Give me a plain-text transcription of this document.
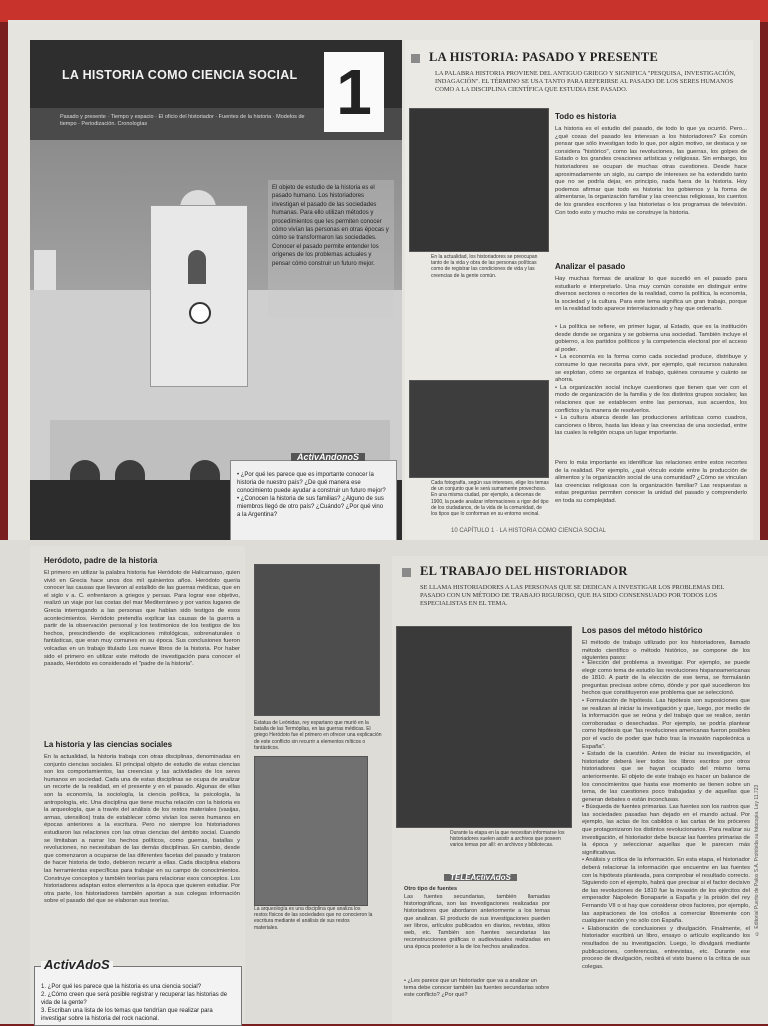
LA HISTORIA COMO CIENCIA SOCIAL 1
Pasado y presente · Tiempo y espacio · El oficio del historiador · Fuentes de la historia · Modelos de tiempo · Periodización. Cronologías
El objeto de estudio de la historia es el pasado humano. Los historiadores investigan el pasado de las sociedades humanas. Para ello utilizan métodos y procedimientos que les permiten conocer cómo vivían las personas en otras épocas y cómo se transformaron las sociedades. Conocer el pasado permite entender los orígenes de los problemas actuales y pensar cómo construir un futuro mejor.
ActivAndonoS
• ¿Por qué les parece que es importante conocer la historia de nuestro país? ¿De qué manera ese conocimiento puede ayudar a construir un futuro mejor?
• ¿Conocen la historia de sus familias? ¿Alguno de sus miembros llegó de otro país? ¿Cuándo? ¿Por qué vino a la Argentina?
LA HISTORIA: PASADO Y PRESENTE
LA PALABRA HISTORIA PROVIENE DEL ANTIGUO GRIEGO Y SIGNIFICA "PESQUISA, INVESTIGACIÓN, INDAGACIÓN". EL TÉRMINO SE USA TANTO PARA REFERIRSE AL PASADO DE LOS SERES HUMANOS COMO A LA DISCIPLINA CIENTÍFICA QUE ESTUDIA ESE PASADO.
En la actualidad, los historiadores se preocupan tanto de la vida y obra de las personas políticas como de registrar las condiciones de vida y las creencias de la gente común.
Todo es historia
La historia es el estudio del pasado, de todo lo que ya ocurrió. Pero... ¿qué cosas del pasado les interesan a los historiadores? Es común pensar que sólo investigan todo lo que, por algún motivo, se destaca y se considera "histórico", como las revoluciones, las guerras, los golpes de Estado o los grandes creaciones artísticas y religiosas. Sin embargo, los historiadores se ocupan de muchas otras cuestiones. Desde hace aproximadamente un siglo, su campo de intereses se ha extendido tanto que no se podría dejar, en principio, nada fuera de la historia. Hoy podemos afirmar que todo es historia: los gobiernos y la forma de alimentarse, la organización familiar y las creencias religiosas, los cuentos de los grandes escritores y las historietas o los programas de televisión. Con todo esto y mucho más se construye la historia.
Analizar el pasado
Hay muchas formas de analizar lo que sucedió en el pasado para estudiarlo e interpretarlo. Una muy común consiste en distinguir entre diversos sectores o recortes de la realidad, como la política, la economía, la sociedad y la cultura. Para este tema significa un gran trabajo, porque en la realidad todo aparece interrelacionado y hay que ordenarlo.
• La política se refiere, en primer lugar, al Estado, que es la institución desde donde se organiza y se gobierna una sociedad. También incluye el gobierno, a los partidos políticos y la competencia electoral por el acceso al poder.
• La economía es la forma como cada sociedad produce, distribuye y consume lo que necesita para vivir, por ejemplo, qué recursos naturales se explotan, cómo se organiza el trabajo, quiénes consume y cuánto se ahorra.
• La organización social incluye cuestiones que tienen que ver con el modo de organización de la familia y de los distintos grupos sociales; las relaciones que se establecen entre las personas, sus acuerdos, los conflictos y la manera de resolverlos.
• La cultura abarca desde las producciones artísticas como cuadros, canciones o libros, hasta las ideas y las creencias de una sociedad, entre las cuales la religión ocupa un lugar importante.
Pero lo más importante es identificar las relaciones entre estos recortes de la realidad. Por ejemplo, ¿qué vínculo existe entre la producción de alimentos y la organización social de una comunidad? ¿Cómo se vinculan las creencias religiosas con la organización familiar? Las respuestas a estas preguntas permiten conocer la unidad del pasado y comprenderlo en toda su complejidad.
Cada fotografía, según sus intereses, elige los temas de un conjunto que le será sumamente provechoso. En una misma ciudad, por ejemplo, a decenas de 1900, la puede analizar informaciones a rigor del tipo de los ciudadanos, de la vida de la comunidad, de los tipos que lo conforman en su entorno vecinal.
10 CAPÍTULO 1 · LA HISTORIA COMO CIENCIA SOCIAL
Heródoto, padre de la historia
El primero en utilizar la palabra historia fue Heródoto de Halicarnaso, quien vivió en Grecia hace unos dos mil quinientos años. Heródoto quería conocer las causas que llevaron al estallido de las guerras médicas, que en el siglo v a. C. enfrentaron a griegos y persas. Para lograr ese objetivo, realizó un viaje por las costas del mar Mediterráneo y por varios lugares de Grecia interrogando a las personas que habían sido testigos de esos acontecimientos. Heródoto pretendía explicar las causas de la guerra a partir de la observación personal y los testimonios de los testigos de los hechos, prescindiendo de explicaciones mitológicas, sobrenaturales o fantásticas, que eran muy comunes en su época. Sus conclusiones fueron volcadas en un trabajo titulado Los nueve libros de la historia. Por haber sido el primero en utilizar este método de investigación para conocer el pasado, Heródoto es considerado el "padre de la historia".
La historia y las ciencias sociales
En la actualidad, la historia trabaja con otras disciplinas, denominadas en conjunto ciencias sociales. El principal objeto de estudio de estas ciencias son los comportamientos, las creencias y las actividades de los seres humanos en sociedad. Cada una de estas disciplinas se ocupa de analizar un recorte de la realidad, en el presente y en el pasado. Algunas de ellas son la economía, la sociología, la ciencia política, la psicología, la antropología, etc. Una disciplina que tiene mucha relación con la historia es la arqueología, que a través del análisis de los restos materiales (vasijas, armas, utensilios) trata de establecer cómo vivían los seres humanos en épocas anteriores a la escritura. Pero no siempre los historiadores estudiaron las relaciones con las otras ciencias del ámbito social. Cuando se limitaban a narrar los hechos políticos, como guerras, batallas y revoluciones, no necesitaban de las demás disciplinas. En cambio, desde que comenzaron a ocuparse de las diferentes facetas del pasado y trataron de hacer historia de todo, debieron recurrir a ellas. Cada disciplina elabora las herramientas específicas para trabajar en su campo de conocimientos. Construye conceptos y también teorías para relacionar esos conceptos. Los historiadores adaptan estos elementos a la época que quieren estudiar. Por otra parte, los historiadores también aportan a sus colegas información sobre el pasado del que se elaboran sus teorías.
ActivAdoS
1. ¿Por qué les parece que la historia es una ciencia social?
2. ¿Cómo creen que será posible registrar y recuperar las historias de vida de la gente?
3. Escriban una lista de los temas que tendrían que realizar para investigar sobre la historia del rock nacional.
Estatua de Leónidas, rey espartano que murió en la batalla de las Termópilas, en las guerras médicas. El griego Heródoto fue el primero en ofrecer una explicación de este conflicto sin recurrir a elementos míticos o fantásticos.
La arqueología es una disciplina que analiza los restos físicos de las sociedades que no conocieron la escritura mediante el análisis de sus restos materiales.
EL TRABAJO DEL HISTORIADOR
SE LLAMA HISTORIADORES A LAS PERSONAS QUE SE DEDICAN A INVESTIGAR LOS PROBLEMAS DEL PASADO CON UN MÉTODO DE TRABAJO RIGUROSO, QUE HA SIDO CONSENSUADO POR TODOS LOS ESPECIALISTAS EN EL TEMA.
Durante la etapa en la que necesitan informarse los historiadores suelen asistir a archivos que poseen varios temas por allí: en archivos y bibliotecas.
Los pasos del método histórico
El método de trabajo utilizado por los historiadores, llamado método científico o método histórico, se compone de los siguientes pasos:
• Elección del problema a investigar. Por ejemplo, se puede elegir como tema de estudio las revoluciones hispanoamericanas de 1810. A partir de la elección de ese tema, se formularán preguntas precisas sobre cómo, dónde y por qué sucedieron los hechos que constituyeron ese problema que se seleccionó.
• Formulación de hipótesis. Las hipótesis son suposiciones que se realizan al iniciar la investigación y que, luego, por medio de la información que se reúna y del trabajo que se realice, serán corroboradas o desechadas. Por ejemplo, se podría plantear como hipótesis que "las revoluciones americanas fueron posibles por el vacío de poder que hubo tras la invasión napoleónica a España".
• Estado de la cuestión. Antes de iniciar su investigación, el historiador deberá leer todos los libros escritos por otros historiadores que se hayan ocupado del mismo tema anteriormente. El objeto de este trabajo es hacer un balance de los conocimientos que hasta ese momento se tienen sobre un tema, de las cuestiones poco trabajadas y de aquellas que generan debates o están inconclusas.
• Búsqueda de fuentes primarias. Las fuentes son los rastros que las sociedades pasadas han dejado en el mundo actual. Por ejemplo, las actas de los cabildos o las cartas de los próceres que protagonizaron los distintos revolucionarios. Para realizar su investigación, el historiador debe buscar las fuentes primarias de la época y seleccionar aquellas que le parecen más significativas.
• Análisis y crítica de la información. En esta etapa, el historiador deberá relacionar la información que encuentre en las fuentes con la hipótesis planteada, para comprobar el resultado correcto. Siguiendo con el ejemplo, habrá que precisar si el factor decisivo de las revoluciones de 1810 fue la invasión de los ejércitos del emperador Napoleón Bonaparte a España y la prisión del rey Fernando VII o si hay que considerar otros factores, por ejemplo, las aspiraciones de los criollos a comerciar libremente con cualquier nación y no sólo con España.
• Elaboración de conclusiones y divulgación. Finalmente, el historiador escribirá un libro, ensayo o artículo explicando los resultados de su investigación. Luego, lo divulgará mediante publicaciones, conferencias, entrevistas, etc. Durante ese proceso de divulgación, recibirá el visto bueno o la crítica de sus colegas.
© Editorial Puerto de Palos S.A. Prohibida su fotocopia. Ley 11.723
TELEActivAdoS
Otro tipo de fuentes
Las fuentes secundarias, también llamadas historiográficas, son las investigaciones realizadas por historiadores que abordaron anteriormente a los temas que analizan. El producto de sus investigaciones pueden ser libros, artículos publicados en diarios, revistas, sitios web, etc. También son fuentes secundarias las reconstrucciones gráficas o audiovisuales realizadas en una época posterior a la de los hechos analizados.
• ¿Les parece que un historiador que va a analizar un tema debe conocer también las fuentes secundarias sobre este conflicto? ¿Por qué?
